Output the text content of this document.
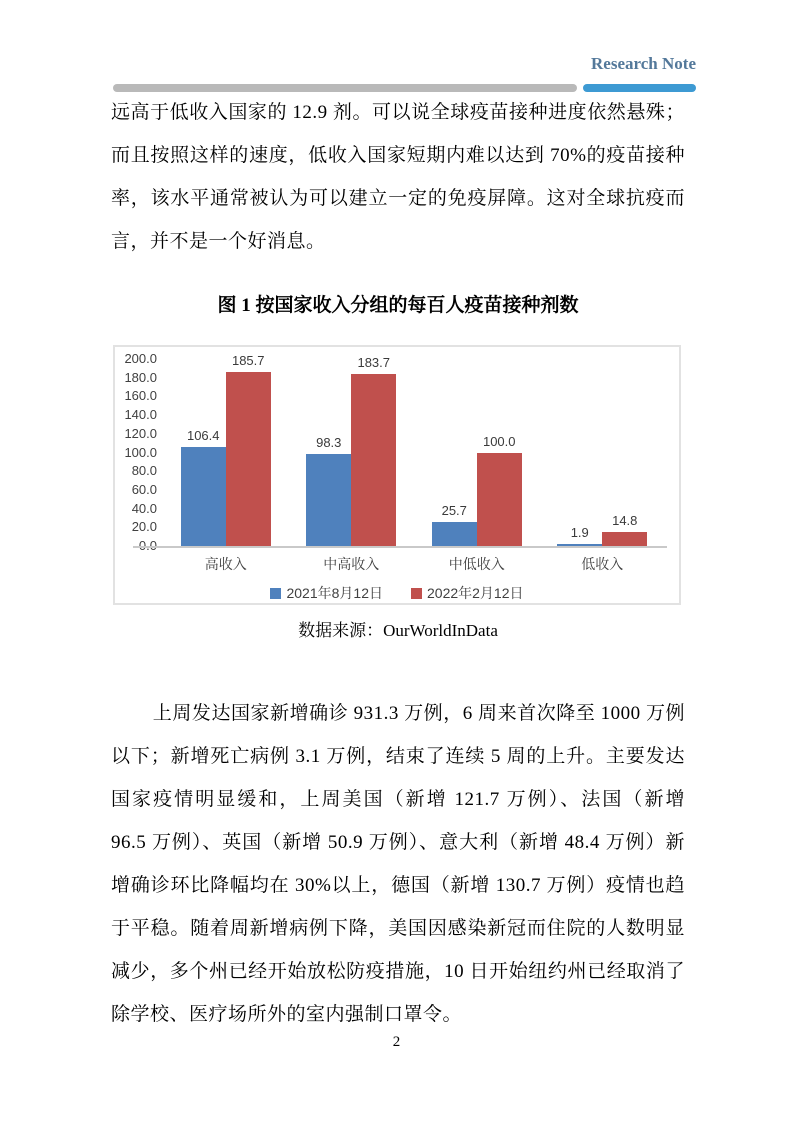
Research Note

远高于低收入国家的 12.9 剂。可以说全球疫苗接种进度依然悬殊；而且按照这样的速度，低收入国家短期内难以达到 70%的疫苗接种率，该水平通常被认为可以建立一定的免疫屏障。这对全球抗疫而言，并不是一个好消息。

图 1 按国家收入分组的每百人疫苗接种剂数
20.0
40.0
60.0
80.0
100.0
120.0
140.0
160.0
180.0
200.0
106.4
185.7
高收入
98.3
183.7
中高收入
25.7
100.0
中低收入
1.9
14.8
低收入
2021年8月12日	2022年2月12日
数据来源：OurWorldInData

上周发达国家新增确诊 931.3 万例，6 周来首次降至 1000 万例以下；新增死亡病例 3.1 万例，结束了连续 5 周的上升。主要发达国家疫情明显缓和，上周美国（新增 121.7 万例）、法国（新增 96.5 万例）、英国（新增 50.9 万例）、意大利（新增 48.4 万例）新增确诊环比降幅均在 30%以上，德国（新增 130.7 万例）疫情也趋于平稳。随着周新增病例下降，美国因感染新冠而住院的人数明显减少，多个州已经开始放松防疫措施，10 日开始纽约州已经取消了除学校、医疗场所外的室内强制口罩令。

2
